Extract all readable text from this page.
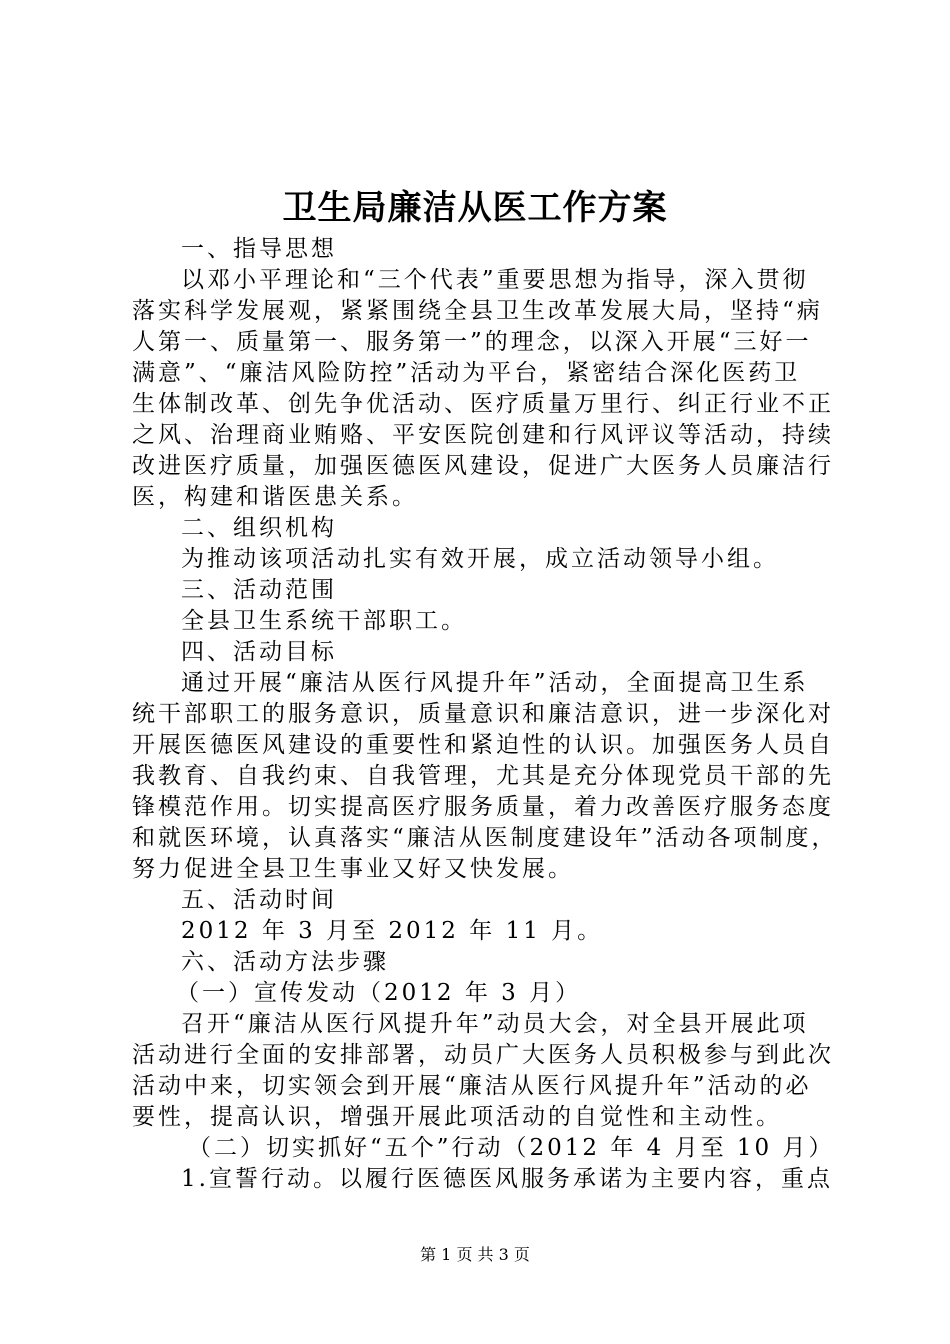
卫生局廉洁从医工作方案
一、指导思想
以邓小平理论和“三个代表”重要思想为指导，深入贯彻
落实科学发展观，紧紧围绕全县卫生改革发展大局，坚持“病
人第一、质量第一、服务第一”的理念，以深入开展“三好一
满意”、“廉洁风险防控”活动为平台，紧密结合深化医药卫
生体制改革、创先争优活动、医疗质量万里行、纠正行业不正
之风、治理商业贿赂、平安医院创建和行风评议等活动，持续
改进医疗质量，加强医德医风建设，促进广大医务人员廉洁行
医，构建和谐医患关系。
二、组织机构
为推动该项活动扎实有效开展，成立活动领导小组。
三、活动范围
全县卫生系统干部职工。
四、活动目标
通过开展“廉洁从医行风提升年”活动，全面提高卫生系
统干部职工的服务意识，质量意识和廉洁意识，进一步深化对
开展医德医风建设的重要性和紧迫性的认识。加强医务人员自
我教育、自我约束、自我管理，尤其是充分体现党员干部的先
锋模范作用。切实提高医疗服务质量，着力改善医疗服务态度
和就医环境，认真落实“廉洁从医制度建设年”活动各项制度，
努力促进全县卫生事业又好又快发展。
五、活动时间
2012 年 3 月至 2012 年 11 月。
六、活动方法步骤
（一）宣传发动（2012 年 3 月）
召开“廉洁从医行风提升年”动员大会，对全县开展此项
活动进行全面的安排部署，动员广大医务人员积极参与到此次
活动中来，切实领会到开展“廉洁从医行风提升年”活动的必
要性，提高认识，增强开展此项活动的自觉性和主动性。
（二）切实抓好“五个”行动（2012 年 4 月至 10 月）
1.宣誓行动。以履行医德医风服务承诺为主要内容，重点
第 1 页 共 3 页
